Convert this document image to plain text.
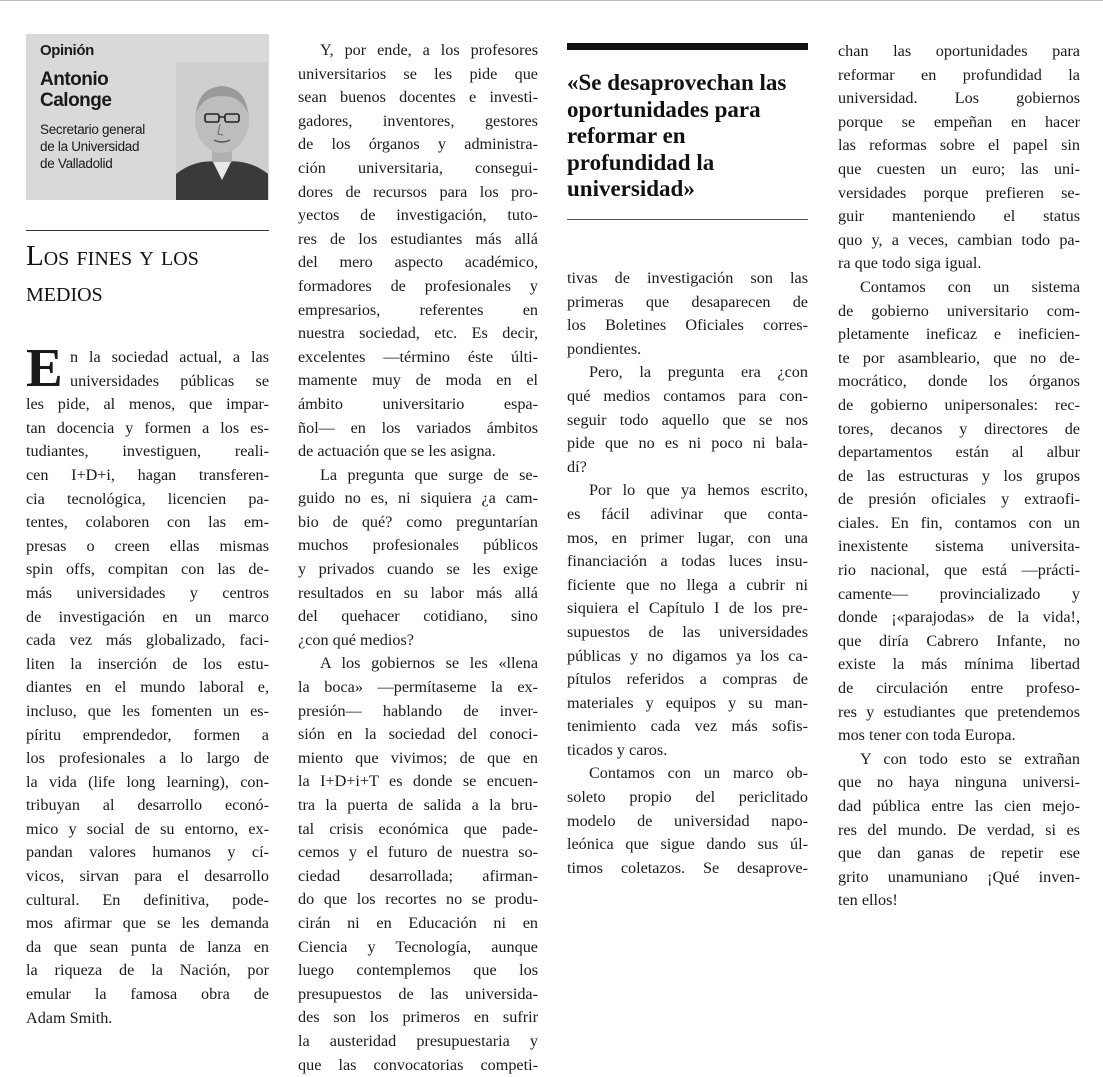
Opinión
Antonio
Calonge
Secretario general
de la Universidad
de Valladolid
Los fines y los
medios
E n la sociedad actual, a las
universidades públicas se
les pide, al menos, que impar-
tan docencia y formen a los es-
tudiantes, investiguen, reali-
cen I+D+i, hagan transferen-
cia tecnológica, licencien pa-
tentes, colaboren con las em-
presas o creen ellas mismas
spin offs, compitan con las de-
más universidades y centros
de investigación en un marco
cada vez más globalizado, faci-
liten la inserción de los estu-
diantes en el mundo laboral e,
incluso, que les fomenten un es-
píritu emprendedor, formen a
los profesionales a lo largo de
la vida (life long learning), con-
tribuyan al desarrollo econó-
mico y social de su entorno, ex-
pandan valores humanos y cí-
vicos, sirvan para el desarrollo
cultural. En definitiva, pode-
mos afirmar que se les demanda
da que sean punta de lanza en
la riqueza de la Nación, por
emular la famosa obra de
Adam Smith.
Y, por ende, a los profesores
universitarios se les pide que
sean buenos docentes e investi-
gadores, inventores, gestores
de los órganos y administra-
ción universitaria, consegui-
dores de recursos para los pro-
yectos de investigación, tuto-
res de los estudiantes más allá
del mero aspecto académico,
formadores de profesionales y
empresarios, referentes en
nuestra sociedad, etc. Es decir,
excelentes —término éste últi-
mamente muy de moda en el
ámbito universitario espa-
ñol— en los variados ámbitos
de actuación que se les asigna.
La pregunta que surge de se-
guido no es, ni siquiera ¿a cam-
bio de qué? como preguntarían
muchos profesionales públicos
y privados cuando se les exige
resultados en su labor más allá
del quehacer cotidiano, sino
¿con qué medios?
A los gobiernos se les «llena
la boca» —permítaseme la ex-
presión— hablando de inver-
sión en la sociedad del conoci-
miento que vivimos; de que en
la I+D+i+T es donde se encuen-
tra la puerta de salida a la bru-
tal crisis económica que pade-
cemos y el futuro de nuestra so-
ciedad desarrollada; afirman-
do que los recortes no se produ-
cirán ni en Educación ni en
Ciencia y Tecnología, aunque
luego contemplemos que los
presupuestos de las universida-
des son los primeros en sufrir
la austeridad presupuestaria y
que las convocatorias competi-
«Se desaprovechan las
oportunidades para
reformar en
profundidad la
universidad»
tivas de investigación son las
primeras que desaparecen de
los Boletines Oficiales corres-
pondientes.
Pero, la pregunta era ¿con
qué medios contamos para con-
seguir todo aquello que se nos
pide que no es ni poco ni bala-
dí?
Por lo que ya hemos escrito,
es fácil adivinar que conta-
mos, en primer lugar, con una
financiación a todas luces insu-
ficiente que no llega a cubrir ni
siquiera el Capítulo I de los pre-
supuestos de las universidades
públicas y no digamos ya los ca-
pítulos referidos a compras de
materiales y equipos y su man-
tenimiento cada vez más sofis-
ticados y caros.
Contamos con un marco ob-
soleto propio del periclitado
modelo de universidad napo-
leónica que sigue dando sus úl-
timos coletazos. Se desaprove-
chan las oportunidades para
reformar en profundidad la
universidad. Los gobiernos
porque se empeñan en hacer
las reformas sobre el papel sin
que cuesten un euro; las uni-
versidades porque prefieren se-
guir manteniendo el status
quo y, a veces, cambian todo pa-
ra que todo siga igual.
Contamos con un sistema
de gobierno universitario com-
pletamente ineficaz e ineficien-
te por asambleario, que no de-
mocrático, donde los órganos
de gobierno unipersonales: rec-
tores, decanos y directores de
departamentos están al albur
de las estructuras y los grupos
de presión oficiales y extraofi-
ciales. En fin, contamos con un
inexistente sistema universita-
rio nacional, que está —prácti-
camente— provincializado y
donde ¡«parajodas» de la vida!,
que diría Cabrero Infante, no
existe la más mínima libertad
de circulación entre profeso-
res y estudiantes que pretendemos
mos tener con toda Europa.
Y con todo esto se extrañan
que no haya ninguna universi-
dad pública entre las cien mejo-
res del mundo. De verdad, si es
que dan ganas de repetir ese
grito unamuniano ¡Qué inven-
ten ellos!
